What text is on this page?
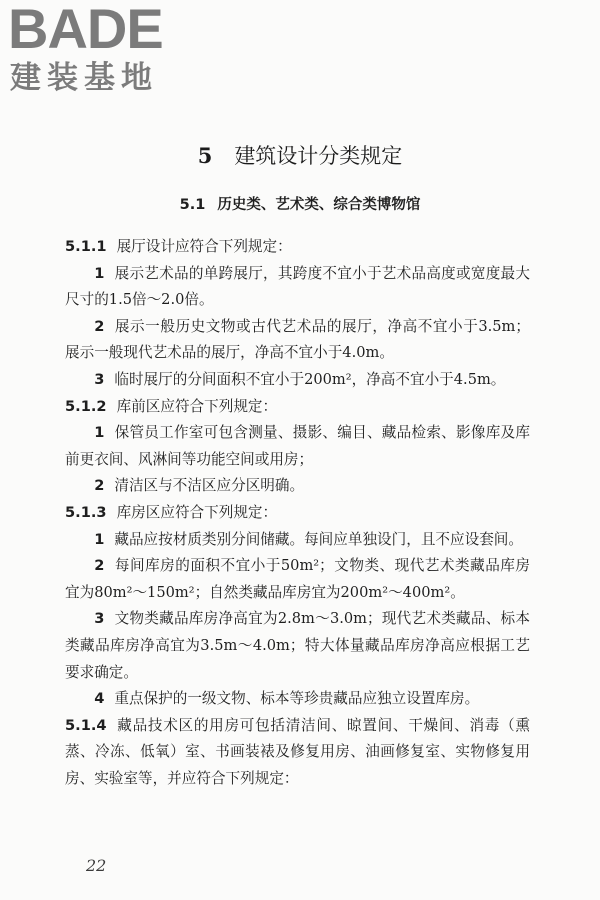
BADE
建装基地
5 建筑设计分类规定
5.1 历史类、艺术类、综合类博物馆

5.1.1 展厅设计应符合下列规定：

1 展示艺术品的单跨展厅，其跨度不宜小于艺术品高度或宽度最大尺寸的1.5倍～2.0倍。

2 展示一般历史文物或古代艺术品的展厅，净高不宜小于3.5m；展示一般现代艺术品的展厅，净高不宜小于4.0m。

3 临时展厅的分间面积不宜小于200m²，净高不宜小于4.5m。

5.1.2 库前区应符合下列规定：

1 保管员工作室可包含测量、摄影、编目、藏品检索、影像库及库前更衣间、风淋间等功能空间或用房；

2 清洁区与不洁区应分区明确。

5.1.3 库房区应符合下列规定：

1 藏品应按材质类别分间储藏。每间应单独设门，且不应设套间。

2 每间库房的面积不宜小于50m²；文物类、现代艺术类藏品库房宜为80m²～150m²；自然类藏品库房宜为200m²～400m²。

3 文物类藏品库房净高宜为2.8m～3.0m；现代艺术类藏品、标本类藏品库房净高宜为3.5m～4.0m；特大体量藏品库房净高应根据工艺要求确定。

4 重点保护的一级文物、标本等珍贵藏品应独立设置库房。

5.1.4 藏品技术区的用房可包括清洁间、晾置间、干燥间、消毒（熏蒸、冷冻、低氧）室、书画装裱及修复用房、油画修复室、实物修复用房、实验室等，并应符合下列规定：

22
